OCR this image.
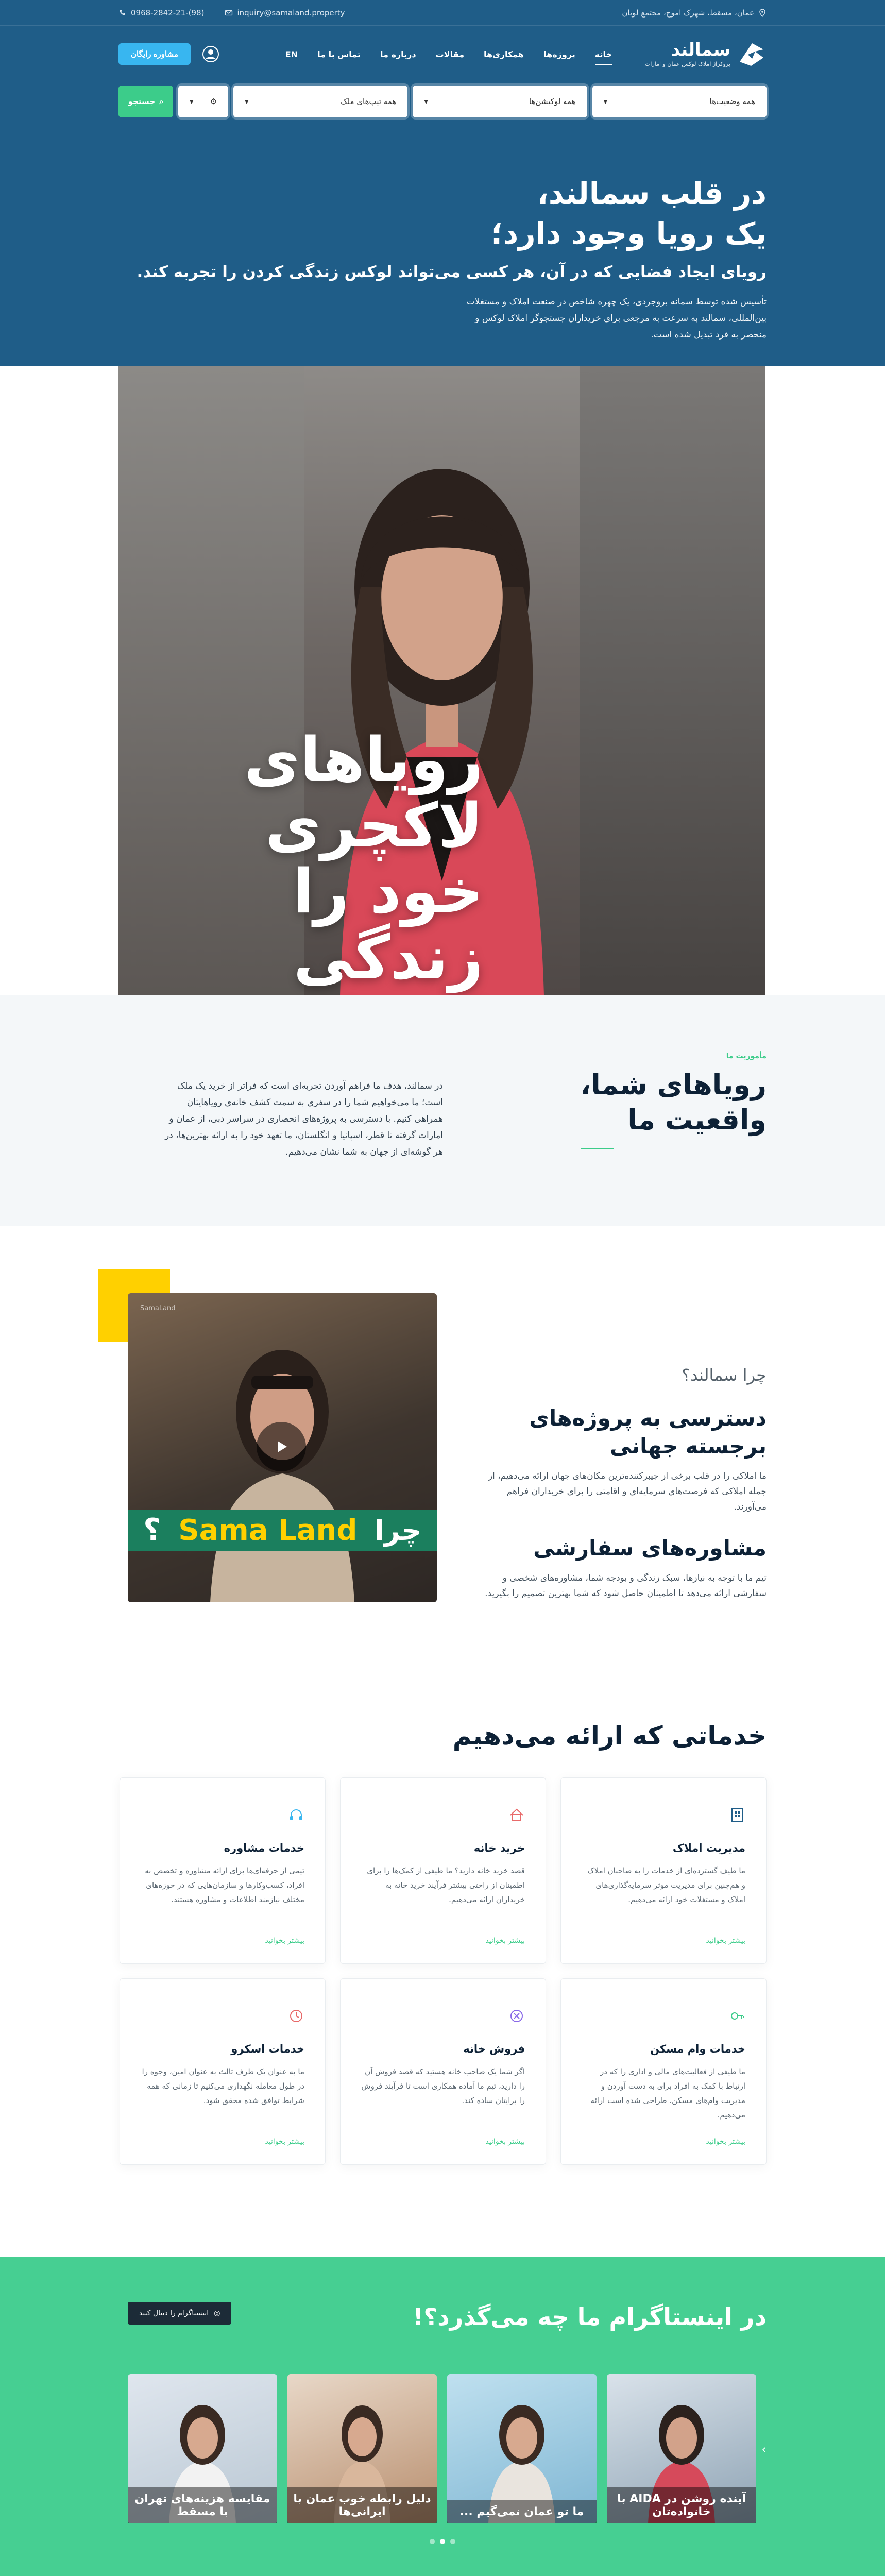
عمان، مسقط، شهرک اموج، مجتمع لوبان
0968-2842-21-(98)	inquiry@samaland.property
سمالند
بروکراژ املاک لوکس عمان و امارات
خانه
پروژه‌ها
همکاری‌ها
مقالات
درباره ما
تماس با ما
EN
مشاوره رایگان
همه وضعیت‌ها
▾
همه لوکیشن‌ها
▾
همه تیپ‌های ملک
▾
⚙
▾
⌕
جستجو
در قلب سمالند،
یک رویا وجود دارد؛
رویای ایجاد فضایی که در آن، هر کسی می‌تواند لوکس زندگی کردن را تجربه کند.

تأسیس شده توسط سمانه بروجردی، یک چهره شاخص در صنعت املاک و مستغلات بین‌المللی، سمالند به سرعت به مرجعی برای خریداران جستجوگر املاک لوکس و منحصر به فرد تبدیل شده است.

رویاهای
لاکچری خود را
زندگی
مأموریت ما
رویاهای شما،
واقعیت ما

در سمالند، هدف ما فراهم آوردن تجربه‌ای است که فراتر از خرید یک ملک است؛ ما می‌خواهیم شما را در سفری به سمت کشف خانه‌ی رویاهایتان همراهی کنیم. با دسترسی به پروژه‌های انحصاری در سراسر دبی، از عمان و امارات گرفته تا قطر، اسپانیا و انگلستان، ما تعهد خود را به ارائه بهترین‌ها، در هر گوشه‌ای از جهان به شما نشان می‌دهیم.

SamaLand
؟ Sama Land چرا
چرا سمالند؟
دسترسی به پروژه‌های برجسته جهانی

ما املاکی را در قلب برخی از جیبرکننده‌ترین مکان‌های جهان ارائه می‌دهیم، از جمله املاکی که فرصت‌های سرمایه‌ای و اقامتی را برای خریداران فراهم می‌آورند.

مشاوره‌های سفارشی

تیم ما با توجه به نیازها، سبک زندگی و بودجه شما، مشاوره‌های شخصی و سفارشی ارائه می‌دهد تا اطمینان حاصل شود که شما بهترین تصمیم را بگیرید.

خدماتی که ارائه می‌دهیم
مدیریت املاک

ما طیف گسترده‌ای از خدمات را به صاحبان املاک و هم‌چنین برای مدیریت موثر سرمایه‌گذاری‌های املاک و مستغلات خود ارائه می‌دهیم.

بیشتر بخوانید
خرید خانه

قصد خرید خانه دارید؟ ما طیفی از کمک‌ها را برای اطمینان از راحتی بیشتر فرآیند خرید خانه به خریداران ارائه می‌دهیم.

بیشتر بخوانید
خدمات مشاوره

تیمی از حرفه‌ای‌ها برای ارائه مشاوره و تخصص به افراد، کسب‌وکارها و سازمان‌هایی که در حوزه‌های مختلف نیازمند اطلاعات و مشاوره هستند.

بیشتر بخوانید
خدمات وام مسکن

ما طیفی از فعالیت‌های مالی و اداری را که در ارتباط با کمک به افراد برای به دست آوردن و مدیریت وام‌های مسکن، طراحی شده است ارائه می‌دهیم.

بیشتر بخوانید
فروش خانه

اگر شما یک صاحب خانه هستید که قصد فروش آن را دارید، تیم ما آماده همکاری است تا فرآیند فروش را برایتان ساده کند.

بیشتر بخوانید
خدمات اسکرو

ما به عنوان یک طرف ثالث به عنوان امین، وجوه را در طول معامله نگهداری می‌کنیم تا زمانی که همه شرایط توافق شده محقق شود.

بیشتر بخوانید
در اینستاگرام ما چه می‌گذرد؟!
◎
اینستاگرام را دنبال کنید
›
مقایسه هزینه‌های تهران با مسقط
دلیل رابطه خوب عمان با ایرانی‌ها	ما تو عمان نمی‌گیم ...
آینده روشن در AIDA با خانواده‌تان
